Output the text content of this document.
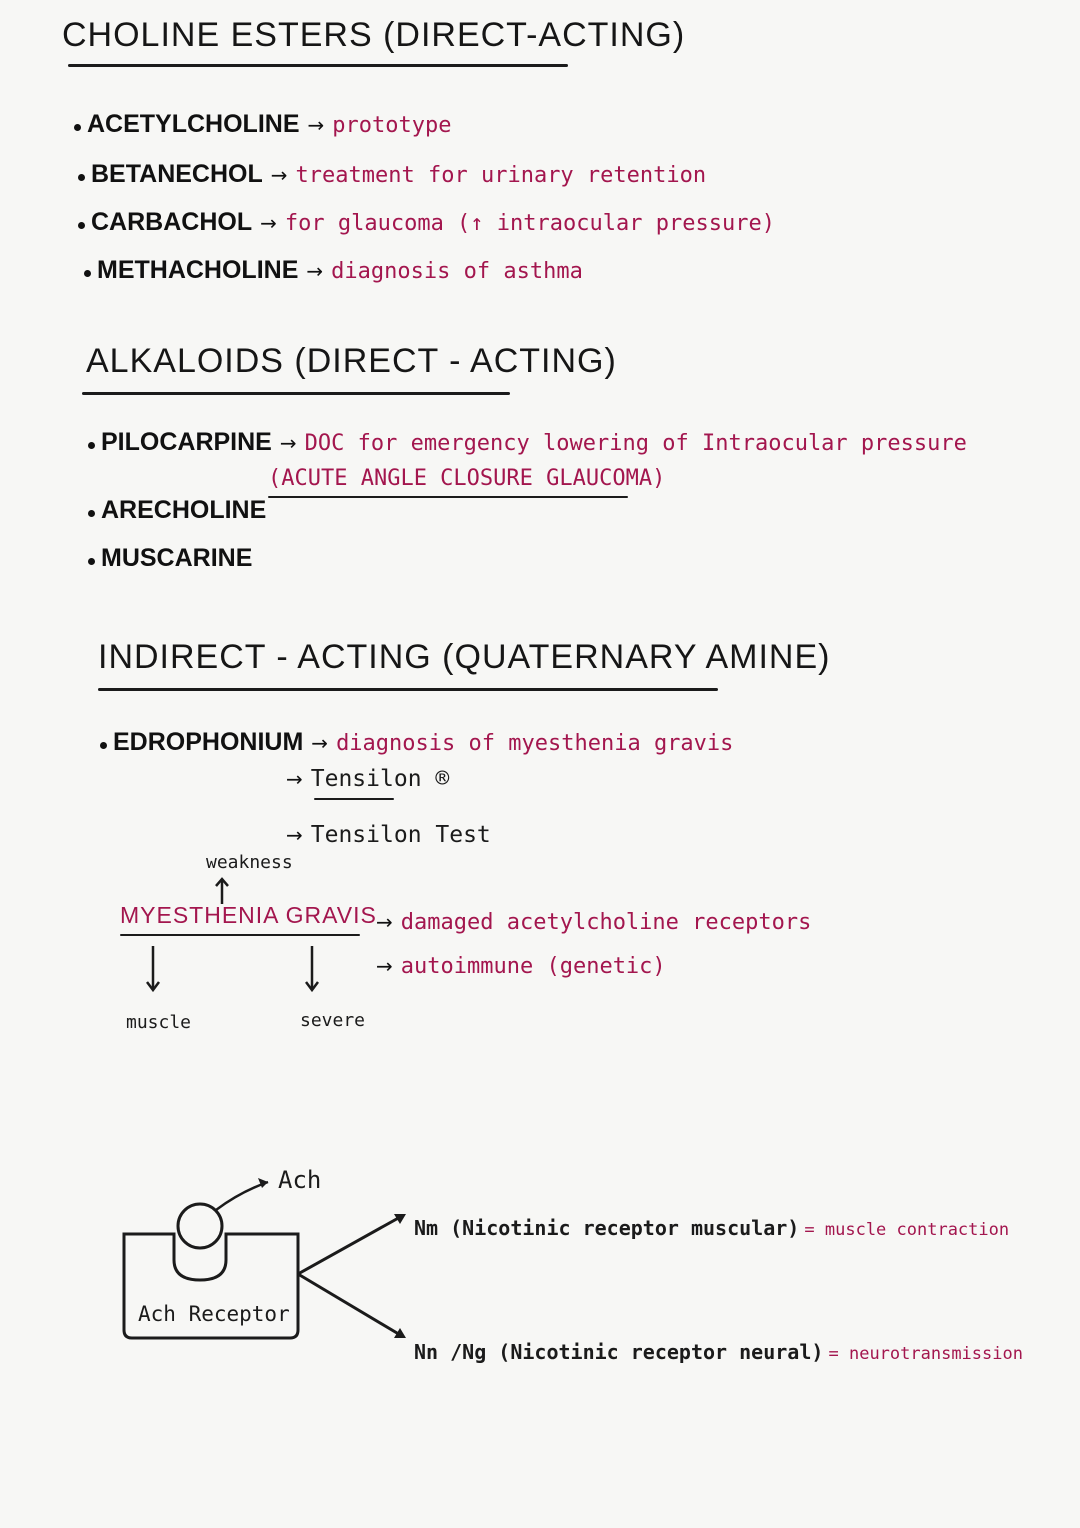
CHOLINE ESTERS (DIRECT-ACTING)
ACETYLCHOLINE → prototype
BETANECHOL → treatment for urinary retention
CARBACHOL → for glaucoma (↑ intraocular pressure)
METHACHOLINE → diagnosis of asthma
ALKALOIDS (DIRECT - ACTING)
PILOCARPINE → DOC for emergency lowering of Intraocular pressure
(ACUTE ANGLE CLOSURE GLAUCOMA)
ARECHOLINE
MUSCARINE
INDIRECT - ACTING (QUATERNARY AMINE)
EDROPHONIUM → diagnosis of myesthenia gravis
→ Tensilon ®
→ Tensilon Test
weakness
MYESTHENIA GRAVIS
muscle	severe
→ damaged acetylcholine receptors
→ autoimmune (genetic)
Ach
Ach Receptor
Nm (Nicotinic receptor muscular) = muscle contraction
Nn /Ng (Nicotinic receptor neural) = neurotransmission
